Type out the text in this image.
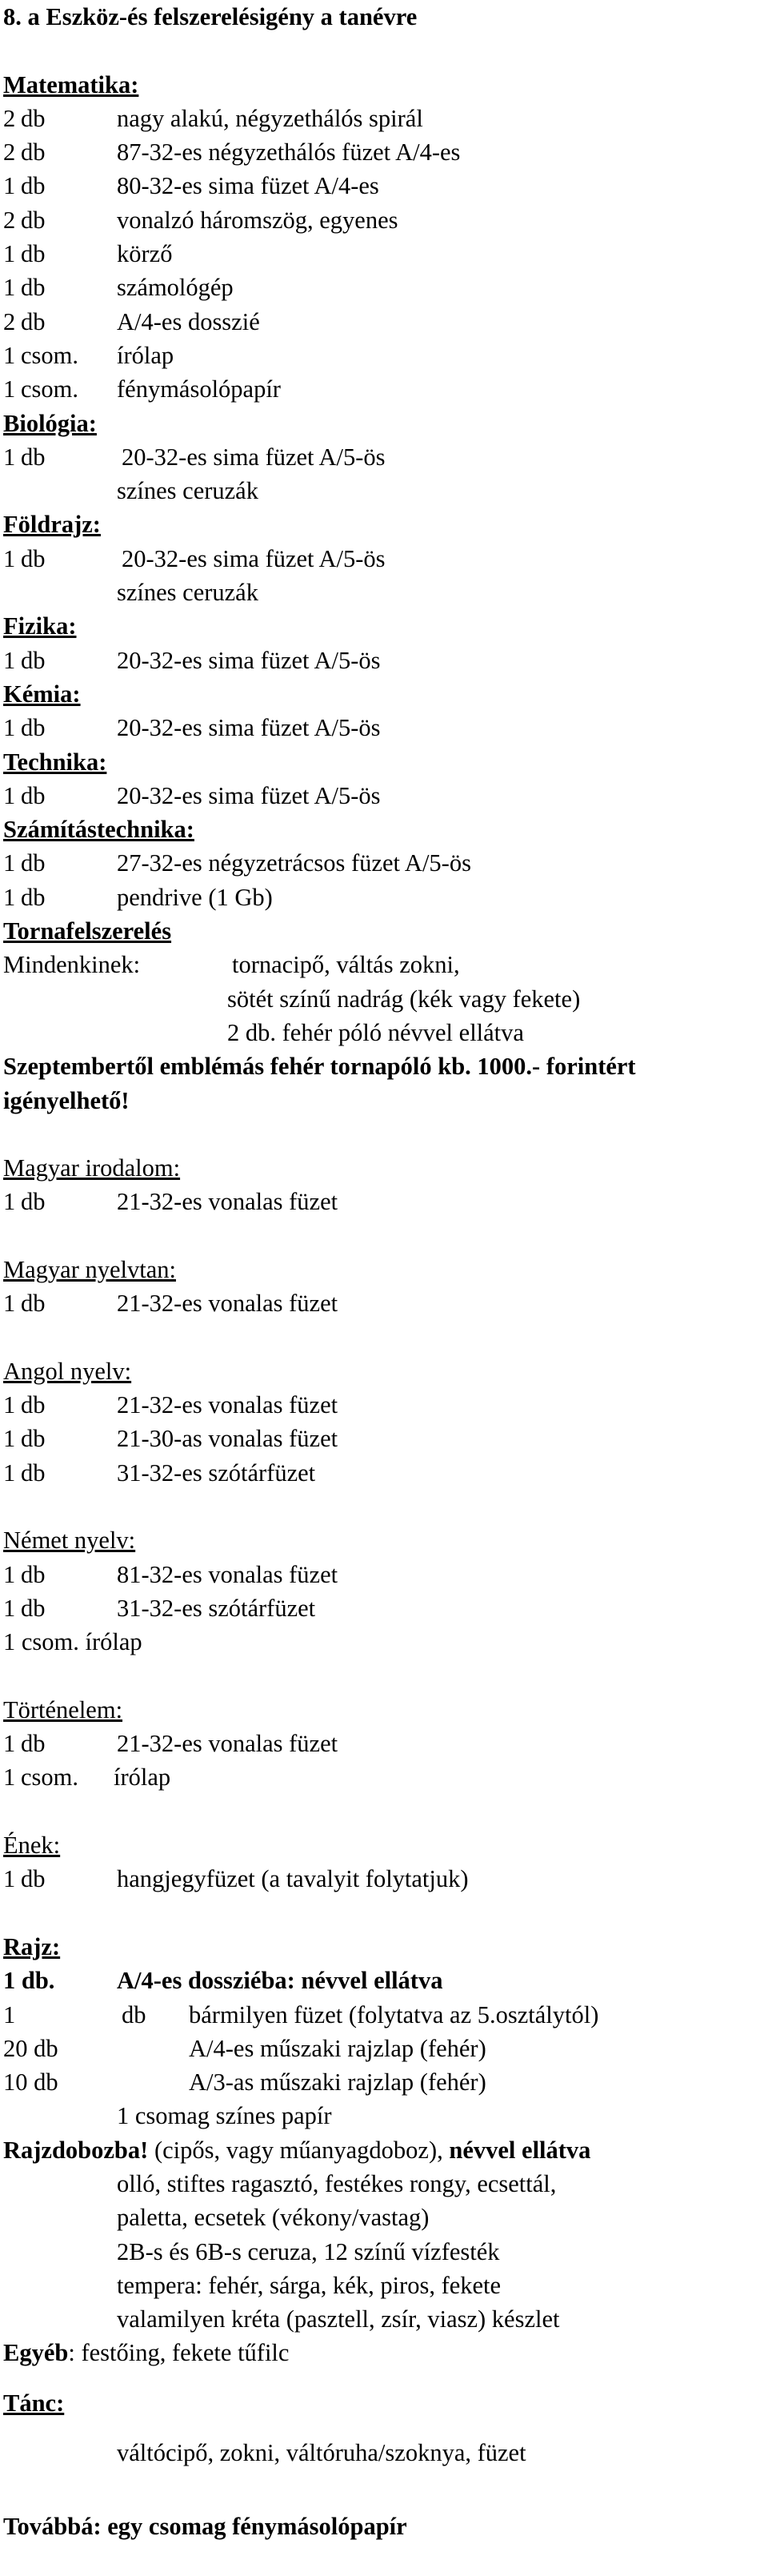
8. a Eszköz-és felszerelésigény a tanévre
Matematika:
2 db	nagy alakú, négyzethálós spirál
2 db	87-32-es négyzethálós füzet A/4-es
1 db	80-32-es sima füzet A/4-es
2 db	vonalzó háromszög, egyenes
1 db	körző
1 db	számológép
2 db	A/4-es dosszié
1 csom. írólap
1 csom. fénymásolópapír
Biológia:
1 db	20-32-es sima füzet A/5-ös
színes ceruzák
Földrajz:
1 db	20-32-es sima füzet A/5-ös
színes ceruzák
Fizika:
1 db	20-32-es sima füzet A/5-ös
Kémia:
1 db	20-32-es sima füzet A/5-ös
Technika:
1 db	20-32-es sima füzet A/5-ös
Számítástechnika:
1 db	27-32-es négyzetrácsos füzet A/5-ös
1 db	pendrive (1 Gb)
Tornafelszerelés
Mindenkinek:	tornacipő, váltás zokni,
sötét színű nadrág (kék vagy fekete)
2 db. fehér póló névvel ellátva
Szeptembertől emblémás fehér tornapóló kb. 1000.- forintért igényelhető!
Magyar irodalom:
1 db	21-32-es vonalas füzet
Magyar nyelvtan:
1 db	21-32-es vonalas füzet
Angol nyelv:
1 db	21-32-es vonalas füzet
1 db	21-30-as vonalas füzet
1 db	31-32-es szótárfüzet
Német nyelv:
1 db	81-32-es vonalas füzet
1 db	31-32-es szótárfüzet
1 csom. írólap
Történelem:
1 db	21-32-es vonalas füzet
1 csom. írólap
Ének:
1 db	hangjegyfüzet (a tavalyit folytatjuk)
Rajz:
1 db.	A/4-es dossziéba: névvel ellátva
1	db bármilyen füzet (folytatva az 5.osztálytól)
20 db	A/4-es műszaki rajzlap (fehér)
10 db	A/3-as műszaki rajzlap (fehér)
1 csomag színes papír
Rajzdobozba! (cipős, vagy műanyagdoboz), névvel ellátva
olló, stiftes ragasztó, festékes rongy, ecsettál,
paletta, ecsetek (vékony/vastag)
2B-s és 6B-s ceruza, 12 színű vízfesték
tempera: fehér, sárga, kék, piros, fekete
valamilyen kréta (pasztell, zsír, viasz) készlet
Egyéb: festőing, fekete tűfilc
Tánc:
váltócipő, zokni, váltóruha/szoknya, füzet
Továbbá: egy csomag fénymásolópapír
